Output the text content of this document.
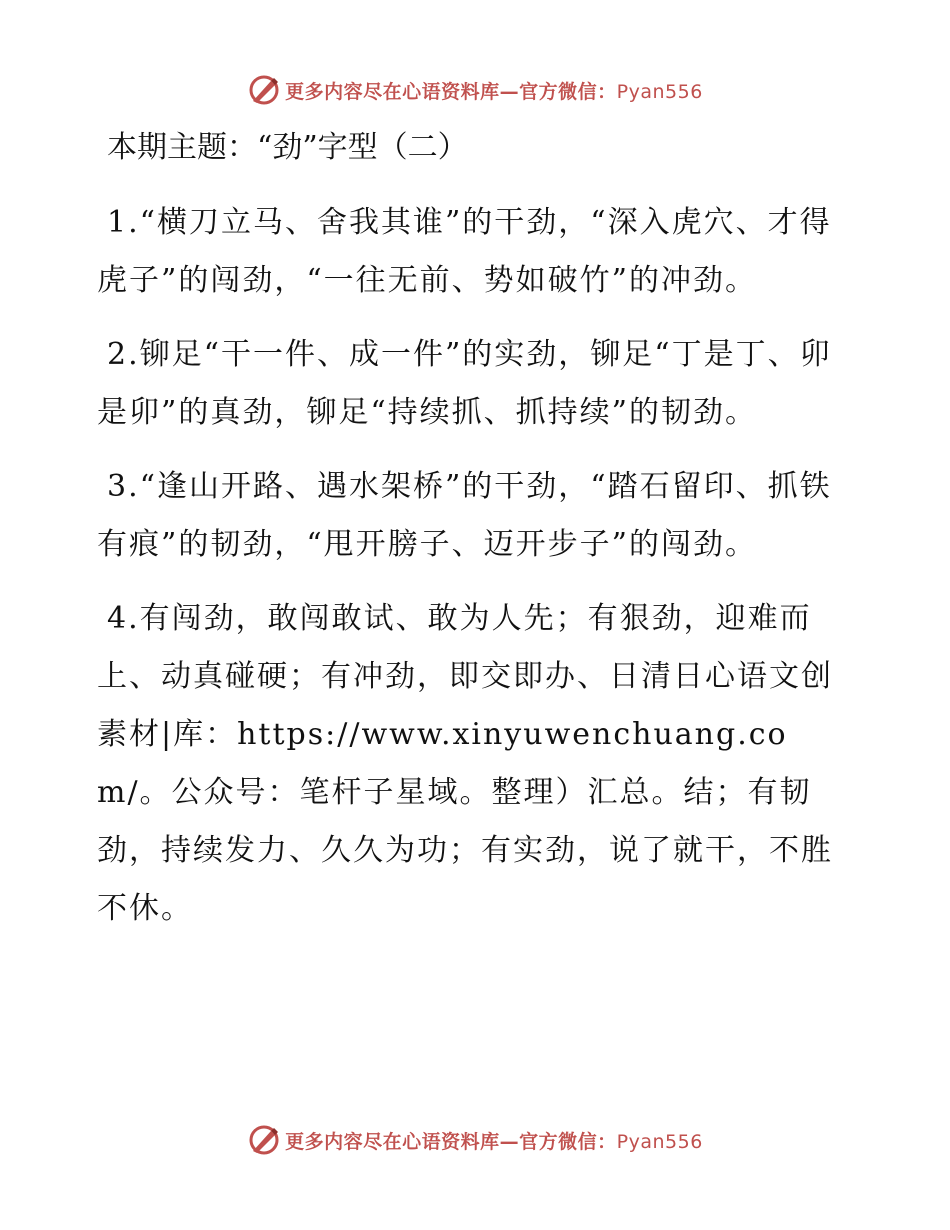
更多内容尽在心语资料库—官方微信：Pyan556
本期主题：“劲”字型（二）

1.“横刀立马、舍我其谁”的干劲，“深入虎穴、才得虎子”的闯劲，“一往无前、势如破竹”的冲劲。

2.铆足“干一件、成一件”的实劲，铆足“丁是丁、卯是卯”的真劲，铆足“持续抓、抓持续”的韧劲。

3.“逢山开路、遇水架桥”的干劲，“踏石留印、抓铁有痕”的韧劲，“甩开膀子、迈开步子”的闯劲。

4.有闯劲，敢闯敢试、敢为人先；有狠劲，迎难而上、动真碰硬；有冲劲，即交即办、日清日心语文创素材|库：https://www.xinyuwenchuang.com/。公众号：笔杆子星域。整理）汇总。结；有韧劲，持续发力、久久为功；有实劲，说了就干，不胜不休。

更多内容尽在心语资料库—官方微信：Pyan556
